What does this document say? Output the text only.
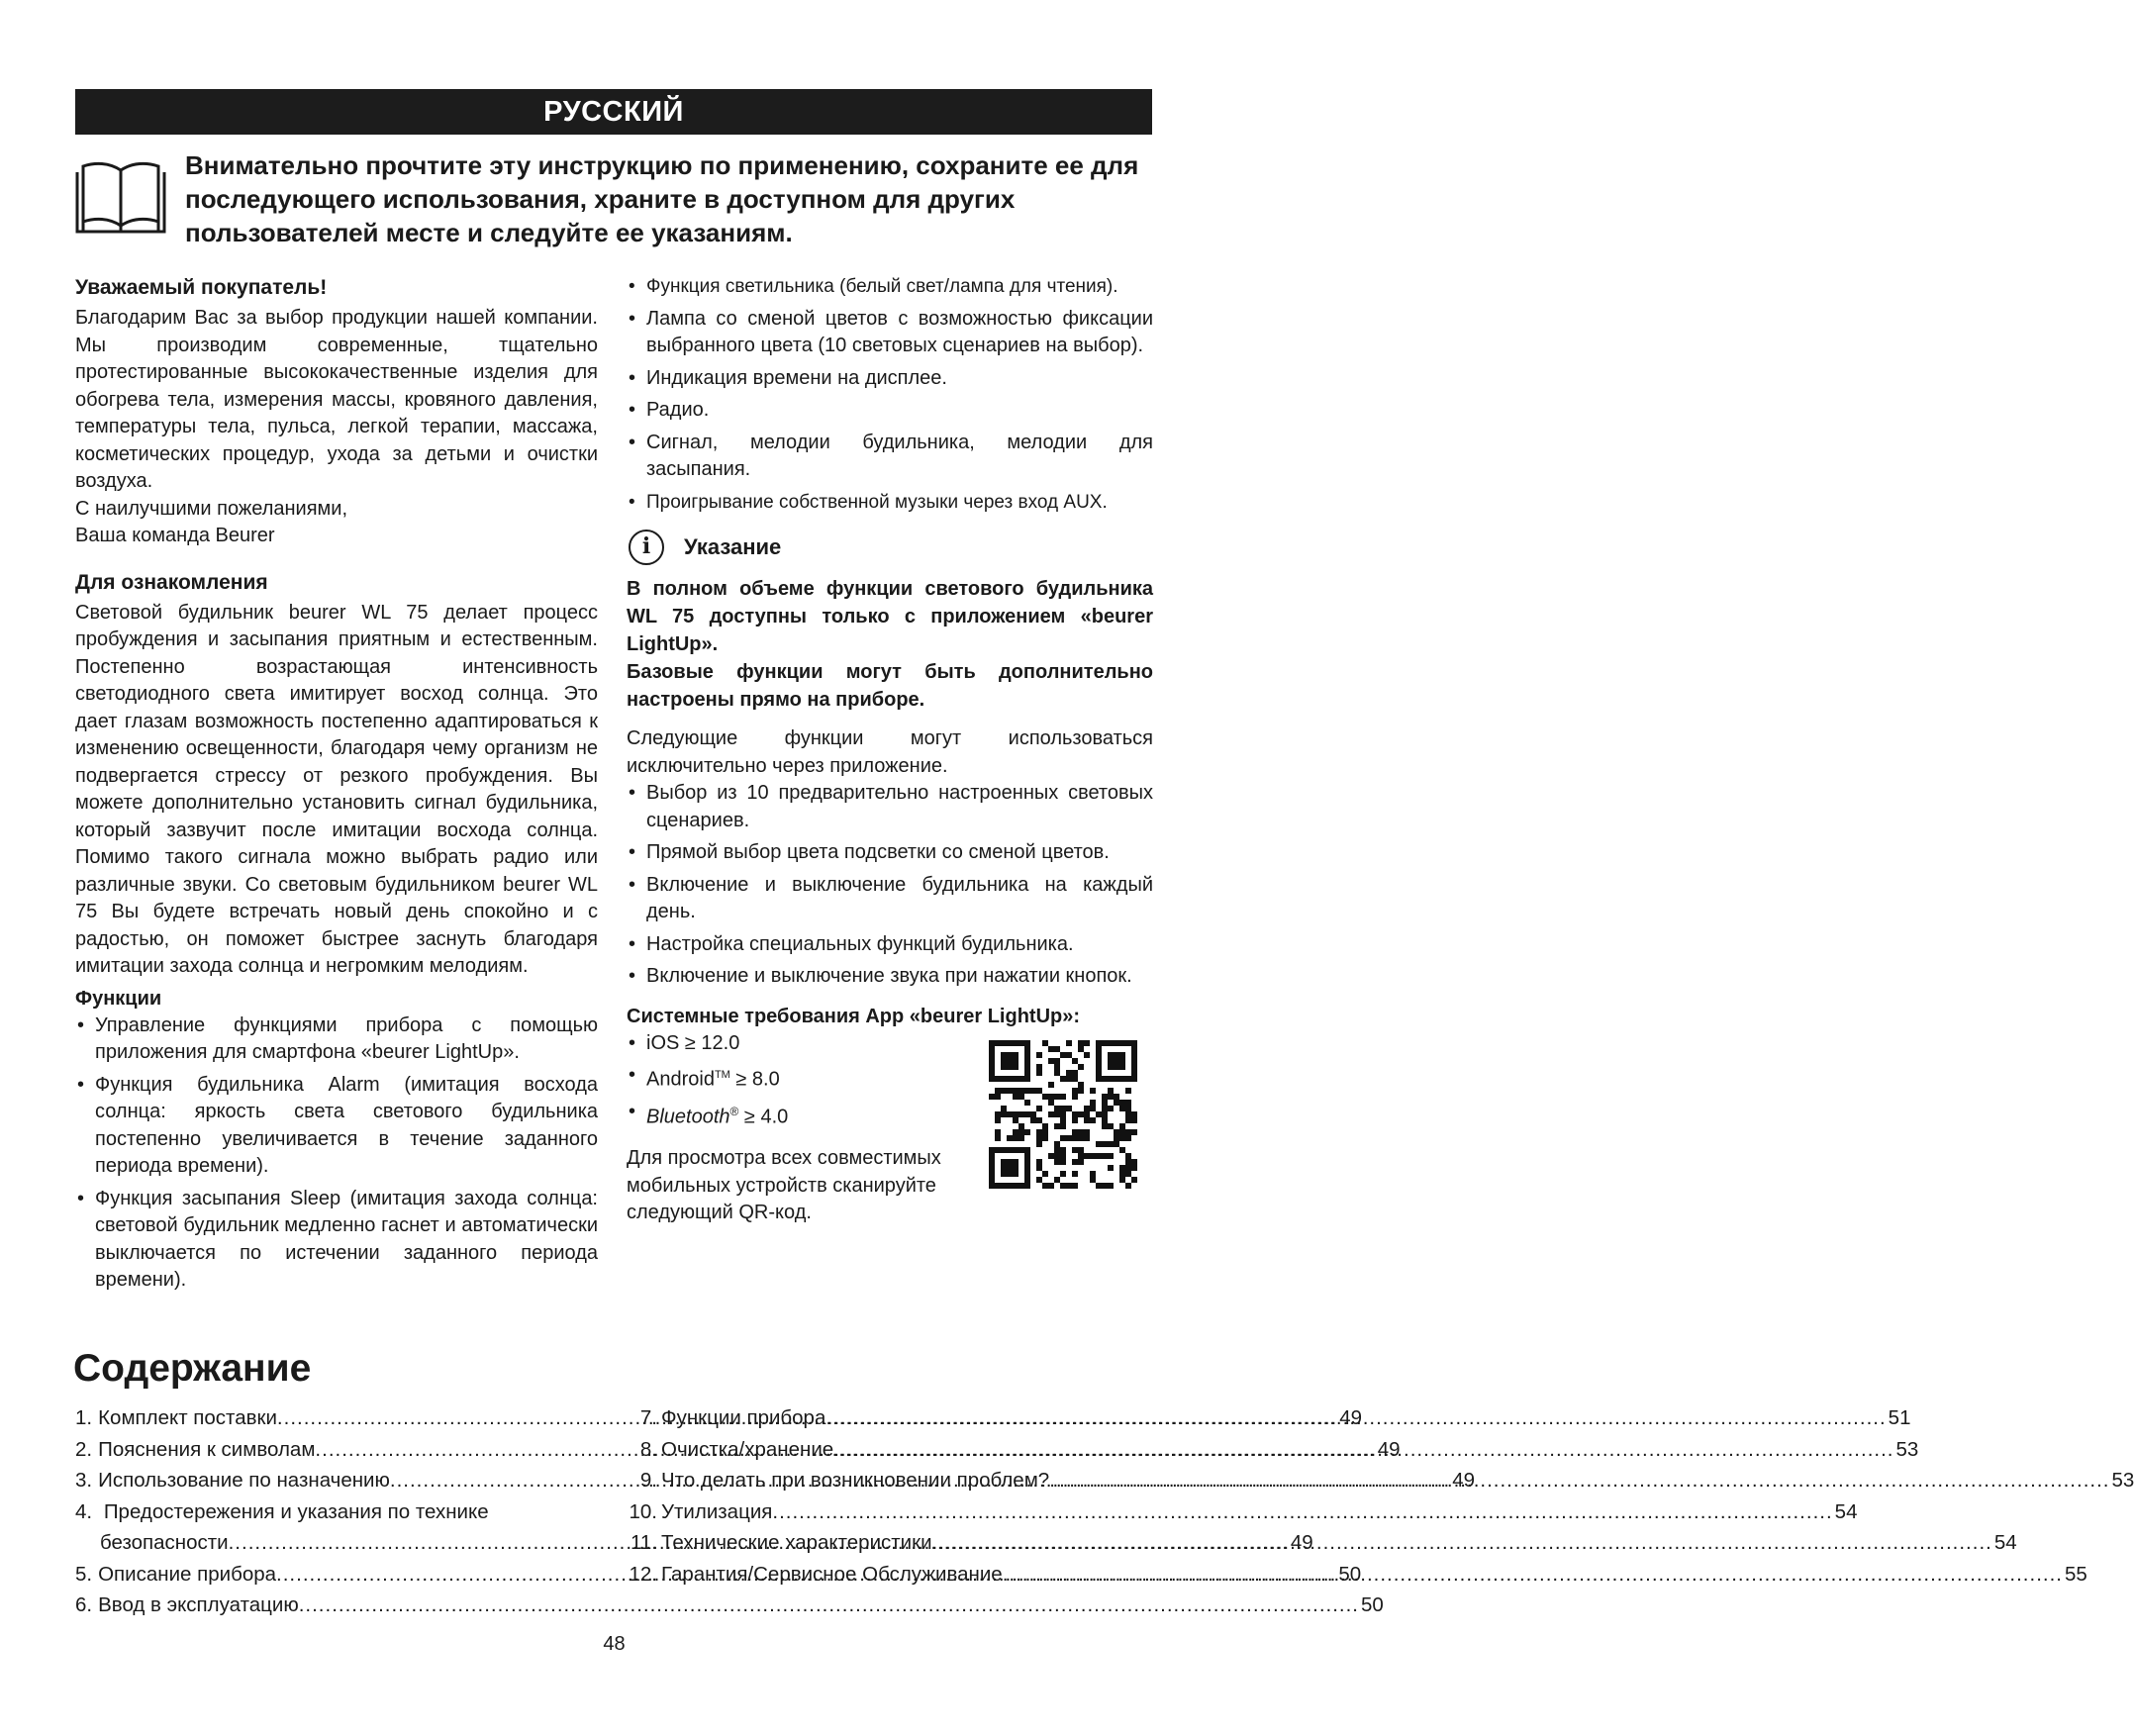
РУССКИЙ
Внимательно прочтите эту инструкцию по применению, сохраните ее для последующего использования, храните в доступном для других пользователей месте и следуйте ее указаниям.
Уважаемый покупатель!
Благодарим Вас за выбор продукции нашей компании. Мы производим современные, тщательно протестированные высококачественные изделия для обогрева тела, измерения массы, кровяного давления, температуры тела, пульса, легкой терапии, массажа, косметических процедур, ухода за детьми и очистки воздуха.
С наилучшими пожеланиями,
Ваша команда Beurer
Для ознакомления
Световой будильник beurer WL 75 делает процесс пробуждения и засыпания приятным и естественным. Постепенно возрастающая интенсивность светодиодного света имитирует восход солнца. Это дает глазам возможность постепенно адаптироваться к изменению освещенности, благодаря чему организм не подвергается стрессу от резкого пробуждения. Вы можете дополнительно установить сигнал будильника, который зазвучит после имитации восхода солнца. Помимо такого сигнала можно выбрать радио или различные звуки. Со световым будильником beurer WL 75 Вы будете встречать новый день спокойно и с радостью, он поможет быстрее заснуть благодаря имитации захода солнца и негромким мелодиям.
Функции
• Управление функциями прибора с помощью приложения для смартфона «beurer LightUp».
• Функция будильника Alarm (имитация восхода солнца: яркость света светового будильника постепенно увеличивается в течение заданного периода времени).
• Функция засыпания Sleep (имитация захода солнца: световой будильник медленно гаснет и автоматически выключается по истечении заданного периода времени).
• Функция светильника (белый свет/лампа для чтения).
• Лампа со сменой цветов с возможностью фиксации выбранного цвета (10 световых сценариев на выбор).
• Индикация времени на дисплее.
• Радио.
• Сигнал, мелодии будильника, мелодии для засыпания.
• Проигрывание собственной музыки через вход AUX.
i	Указание
В полном объеме функции светового будильника WL 75 доступны только с приложением «beurer LightUp».
Базовые функции могут быть дополнительно настроены прямо на приборе.
Следующие функции могут использоваться исключительно через приложение.
• Выбор из 10 предварительно настроенных световых сценариев.
• Прямой выбор цвета подсветки со сменой цветов.
• Включение и выключение будильника на каждый день.
• Настройка специальных функций будильника.
• Включение и выключение звука при нажатии кнопок.
Системные требования App «beurer LightUp»:
• iOS ≥ 12.0
• Android™ ≥ 8.0
• Bluetooth® ≥ 4.0
Для просмотра всех совместимых мобильных устройств сканируйте следующий QR-код.
Содержание
1. Комплект поставки .....	49
2. Пояснения к символам .....	49
3. Использование по назначению .....	49
4. Предостережения и указания по технике
безопасности .....	49
5. Описание прибора .....	50
6. Ввод в эксплуатацию .....	50
7. Функции прибора .....	51
8. Очистка/хранение .....	53
9. Что делать при возникновении проблем? .....	53
10. Утилизация .....	54
11. Технические характеристики .....	54
12. Гарантия/Сервисное Обслуживание .....	55
48
